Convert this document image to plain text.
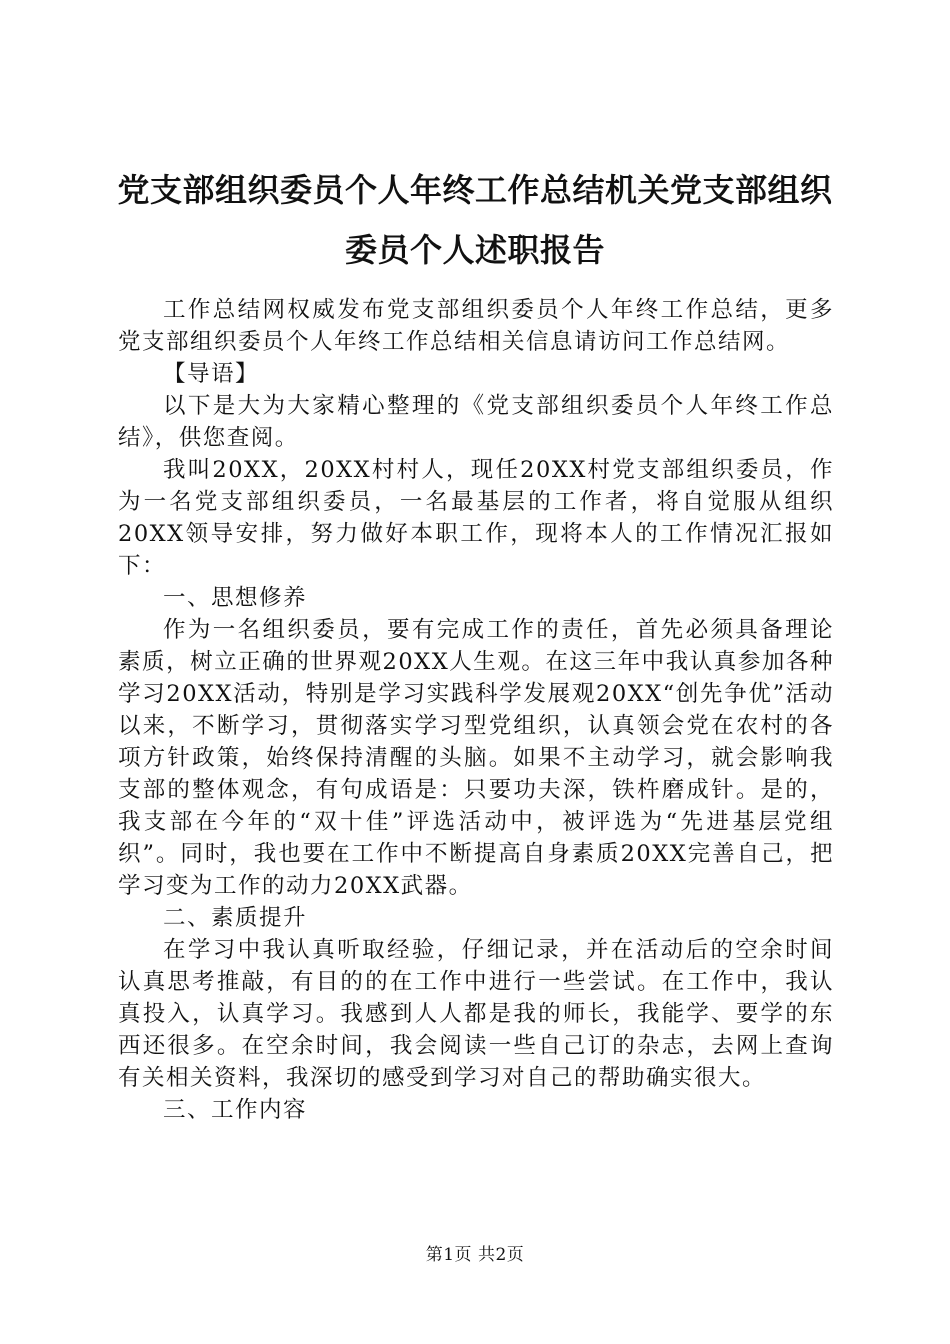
党支部组织委员个人年终工作总结机关党支部组织委员个人述职报告

工作总结网权威发布党支部组织委员个人年终工作总结，更多党支部组织委员个人年终工作总结相关信息请访问工作总结网。

【导语】

以下是大为大家精心整理的《党支部组织委员个人年终工作总结》，供您查阅。

我叫20XX，20XX村村人，现任20XX村党支部组织委员，作为一名党支部组织委员，一名最基层的工作者，将自觉服从组织20XX领导安排，努力做好本职工作，现将本人的工作情况汇报如下：

一、思想修养

作为一名组织委员，要有完成工作的责任，首先必须具备理论素质，树立正确的世界观20XX人生观。在这三年中我认真参加各种学习20XX活动，特别是学习实践科学发展观20XX“创先争优”活动以来，不断学习，贯彻落实学习型党组织，认真领会党在农村的各项方针政策，始终保持清醒的头脑。如果不主动学习，就会影响我支部的整体观念，有句成语是：只要功夫深，铁杵磨成针。是的，我支部在今年的“双十佳”评选活动中，被评选为“先进基层党组织”。同时，我也要在工作中不断提高自身素质20XX完善自己，把学习变为工作的动力20XX武器。

二、素质提升

在学习中我认真听取经验，仔细记录，并在活动后的空余时间认真思考推敲，有目的的在工作中进行一些尝试。在工作中，我认真投入，认真学习。我感到人人都是我的师长，我能学、要学的东西还很多。在空余时间，我会阅读一些自己订的杂志，去网上查询有关相关资料，我深切的感受到学习对自己的帮助确实很大。

三、工作内容

第1页 共2页
